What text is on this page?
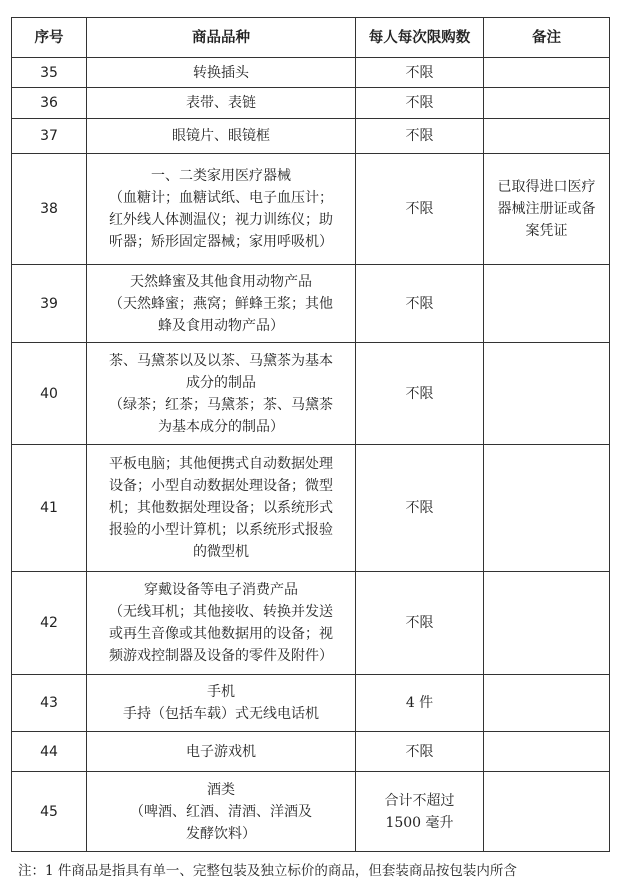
序号	商品品种	每人每次限购数	备注
35	转换插头	不限	

36	表带、表链	不限	

37	眼镜片、眼镜框	不限	

38	一、二类家用医疗器械
（血糖计；血糖试纸、电子血压计；
红外线人体测温仪；视力训练仪；助
听器；矫形固定器械；家用呼吸机）	不限	已取得进口医疗
器械注册证或备
案凭证

39	天然蜂蜜及其他食用动物产品
（天然蜂蜜；燕窝；鲜蜂王浆；其他
蜂及食用动物产品）	不限	

40	茶、马黛茶以及以茶、马黛茶为基本
成分的制品
（绿茶；红茶；马黛茶；茶、马黛茶
为基本成分的制品）	不限	

41	平板电脑；其他便携式自动数据处理
设备；小型自动数据处理设备；微型
机；其他数据处理设备；以系统形式
报验的小型计算机；以系统形式报验
的微型机	不限	

42	穿戴设备等电子消费产品
（无线耳机；其他接收、转换并发送
或再生音像或其他数据用的设备；视
频游戏控制器及设备的零件及附件）	不限	

43	手机
手持（包括车载）式无线电话机	4 件	

44	电子游戏机	不限	

45	酒类
（啤酒、红酒、清酒、洋酒及
发酵饮料）	合计不超过
1500 毫升	

注：1 件商品是指具有单一、完整包装及独立标价的商品，但套装商品按包装内所含
